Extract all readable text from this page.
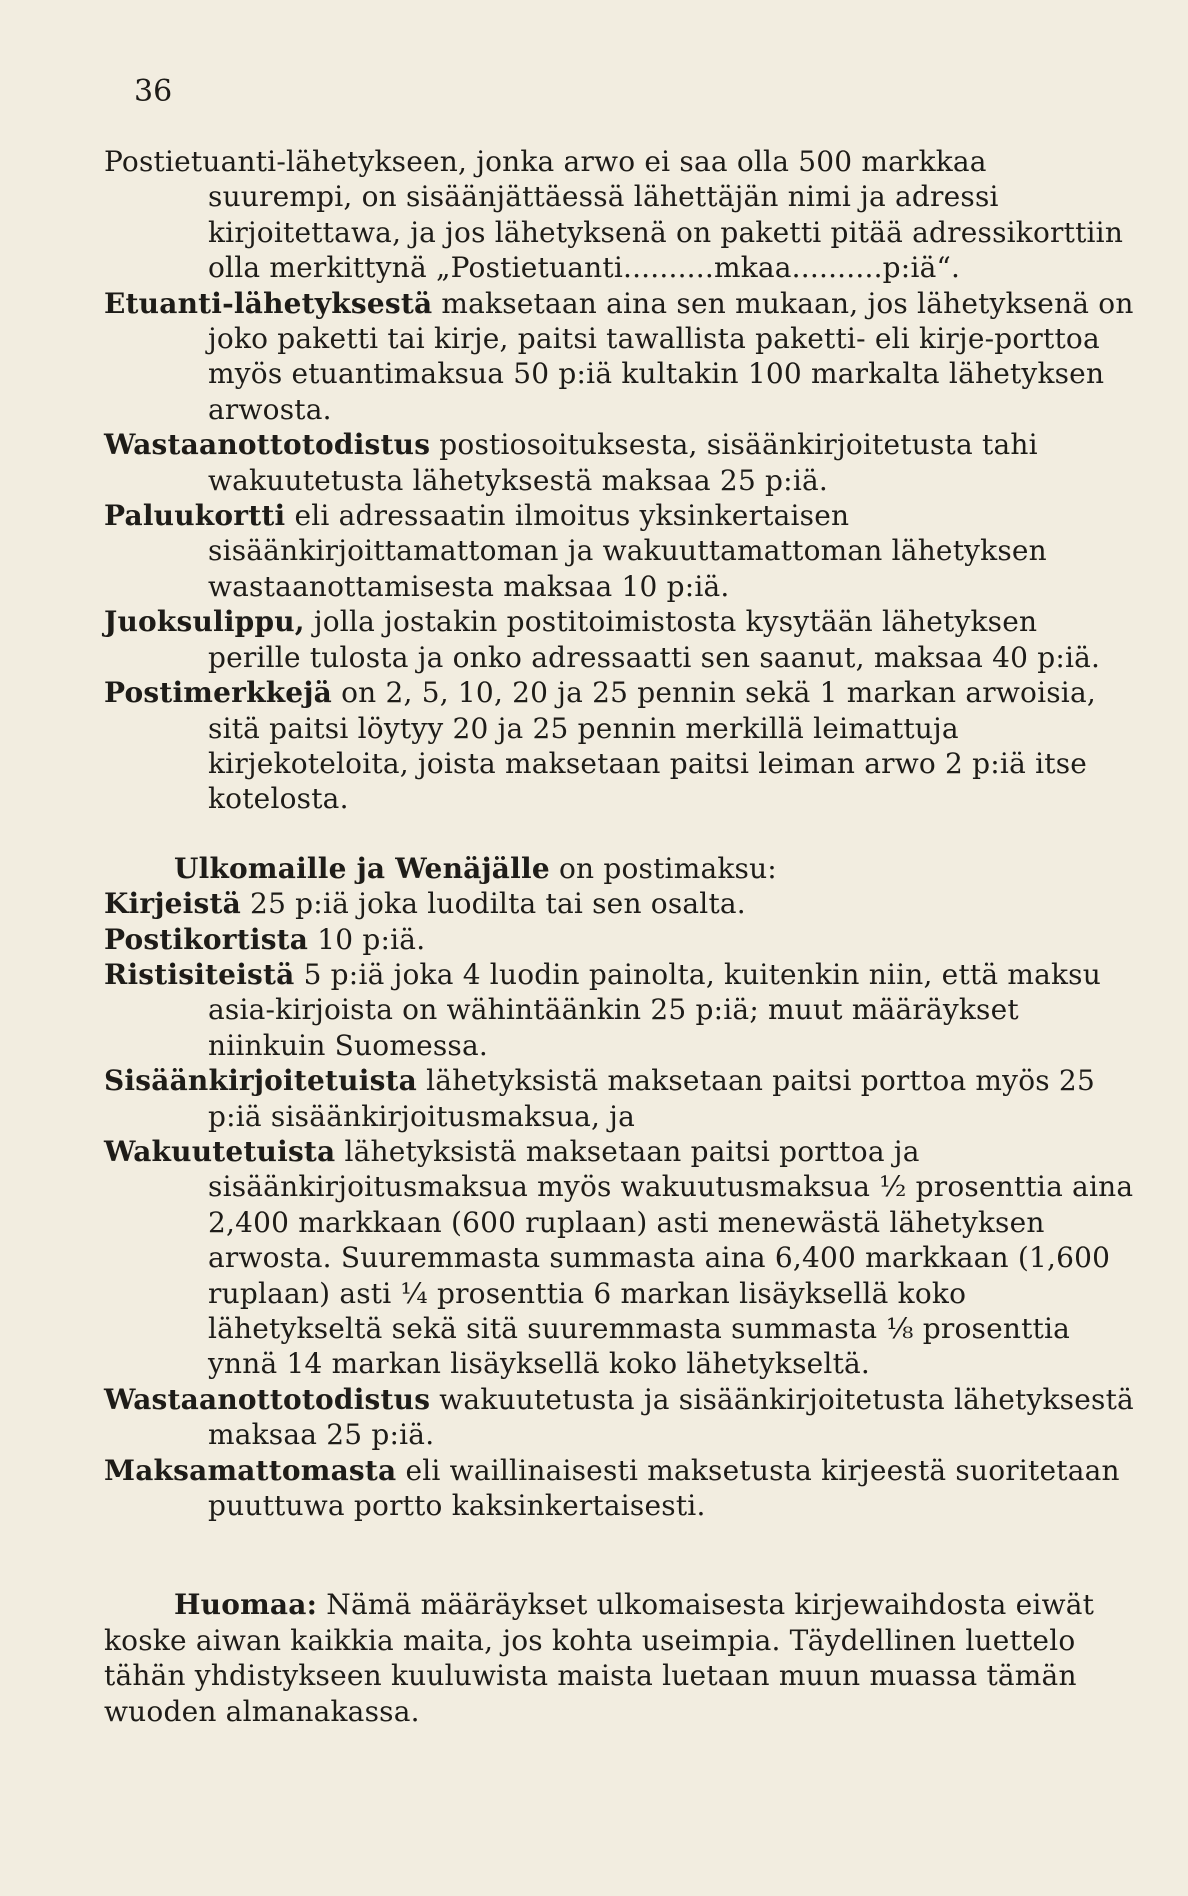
36

Postietuanti-lähetykseen, jonka arwo ei saa olla 500 markkaa suurempi, on sisäänjättäessä lähettäjän nimi ja adressi kirjoitettawa, ja jos lähetyksenä on paketti pitää adressikorttiin olla merkittynä „Postietuanti..........mkaa..........p:iä“.

Etuanti-lähetyksestä maksetaan aina sen mukaan, jos lähetyksenä on joko paketti tai kirje, paitsi tawallista paketti- eli kirje-porttoa myös etuantimaksua 50 p:iä kultakin 100 markalta lähetyksen arwosta.

Wastaanottotodistus postiosoituksesta, sisäänkirjoitetusta tahi wakuutetusta lähetyksestä maksaa 25 p:iä.

Paluukortti eli adressaatin ilmoitus yksinkertaisen sisäänkirjoittamattoman ja wakuuttamattoman lähetyksen wastaanottamisesta maksaa 10 p:iä.

Juoksulippu, jolla jostakin postitoimistosta kysytään lähetyksen perille tulosta ja onko adressaatti sen saanut, maksaa 40 p:iä.

Postimerkkejä on 2, 5, 10, 20 ja 25 pennin sekä 1 markan arwoisia, sitä paitsi löytyy 20 ja 25 pennin merkillä leimattuja kirjekoteloita, joista maksetaan paitsi leiman arwo 2 p:iä itse kotelosta.

Ulkomaille ja Wenäjälle on postimaksu:

Kirjeistä 25 p:iä joka luodilta tai sen osalta.

Postikortista 10 p:iä.

Ristisiteistä 5 p:iä joka 4 luodin painolta, kuitenkin niin, että maksu asia-kirjoista on wähintäänkin 25 p:iä; muut määräykset niinkuin Suomessa.

Sisäänkirjoitetuista lähetyksistä maksetaan paitsi porttoa myös 25 p:iä sisäänkirjoitusmaksua, ja

Wakuutetuista lähetyksistä maksetaan paitsi porttoa ja sisäänkirjoitusmaksua myös wakuutusmaksua ½ prosenttia aina 2,400 markkaan (600 ruplaan) asti menewästä lähetyksen arwosta. Suuremmasta summasta aina 6,400 markkaan (1,600 ruplaan) asti ¼ prosenttia 6 markan lisäyksellä koko lähetykseltä sekä sitä suuremmasta summasta ⅛ prosenttia ynnä 14 markan lisäyksellä koko lähetykseltä.

Wastaanottotodistus wakuutetusta ja sisäänkirjoitetusta lähetyksestä maksaa 25 p:iä.

Maksamattomasta eli waillinaisesti maksetusta kirjeestä suoritetaan puuttuwa portto kaksinkertaisesti.

Huomaa: Nämä määräykset ulkomaisesta kirjewaihdosta eiwät koske aiwan kaikkia maita, jos kohta useimpia. Täydellinen luettelo tähän yhdistykseen kuuluwista maista luetaan muun muassa tämän wuoden almanakassa.
